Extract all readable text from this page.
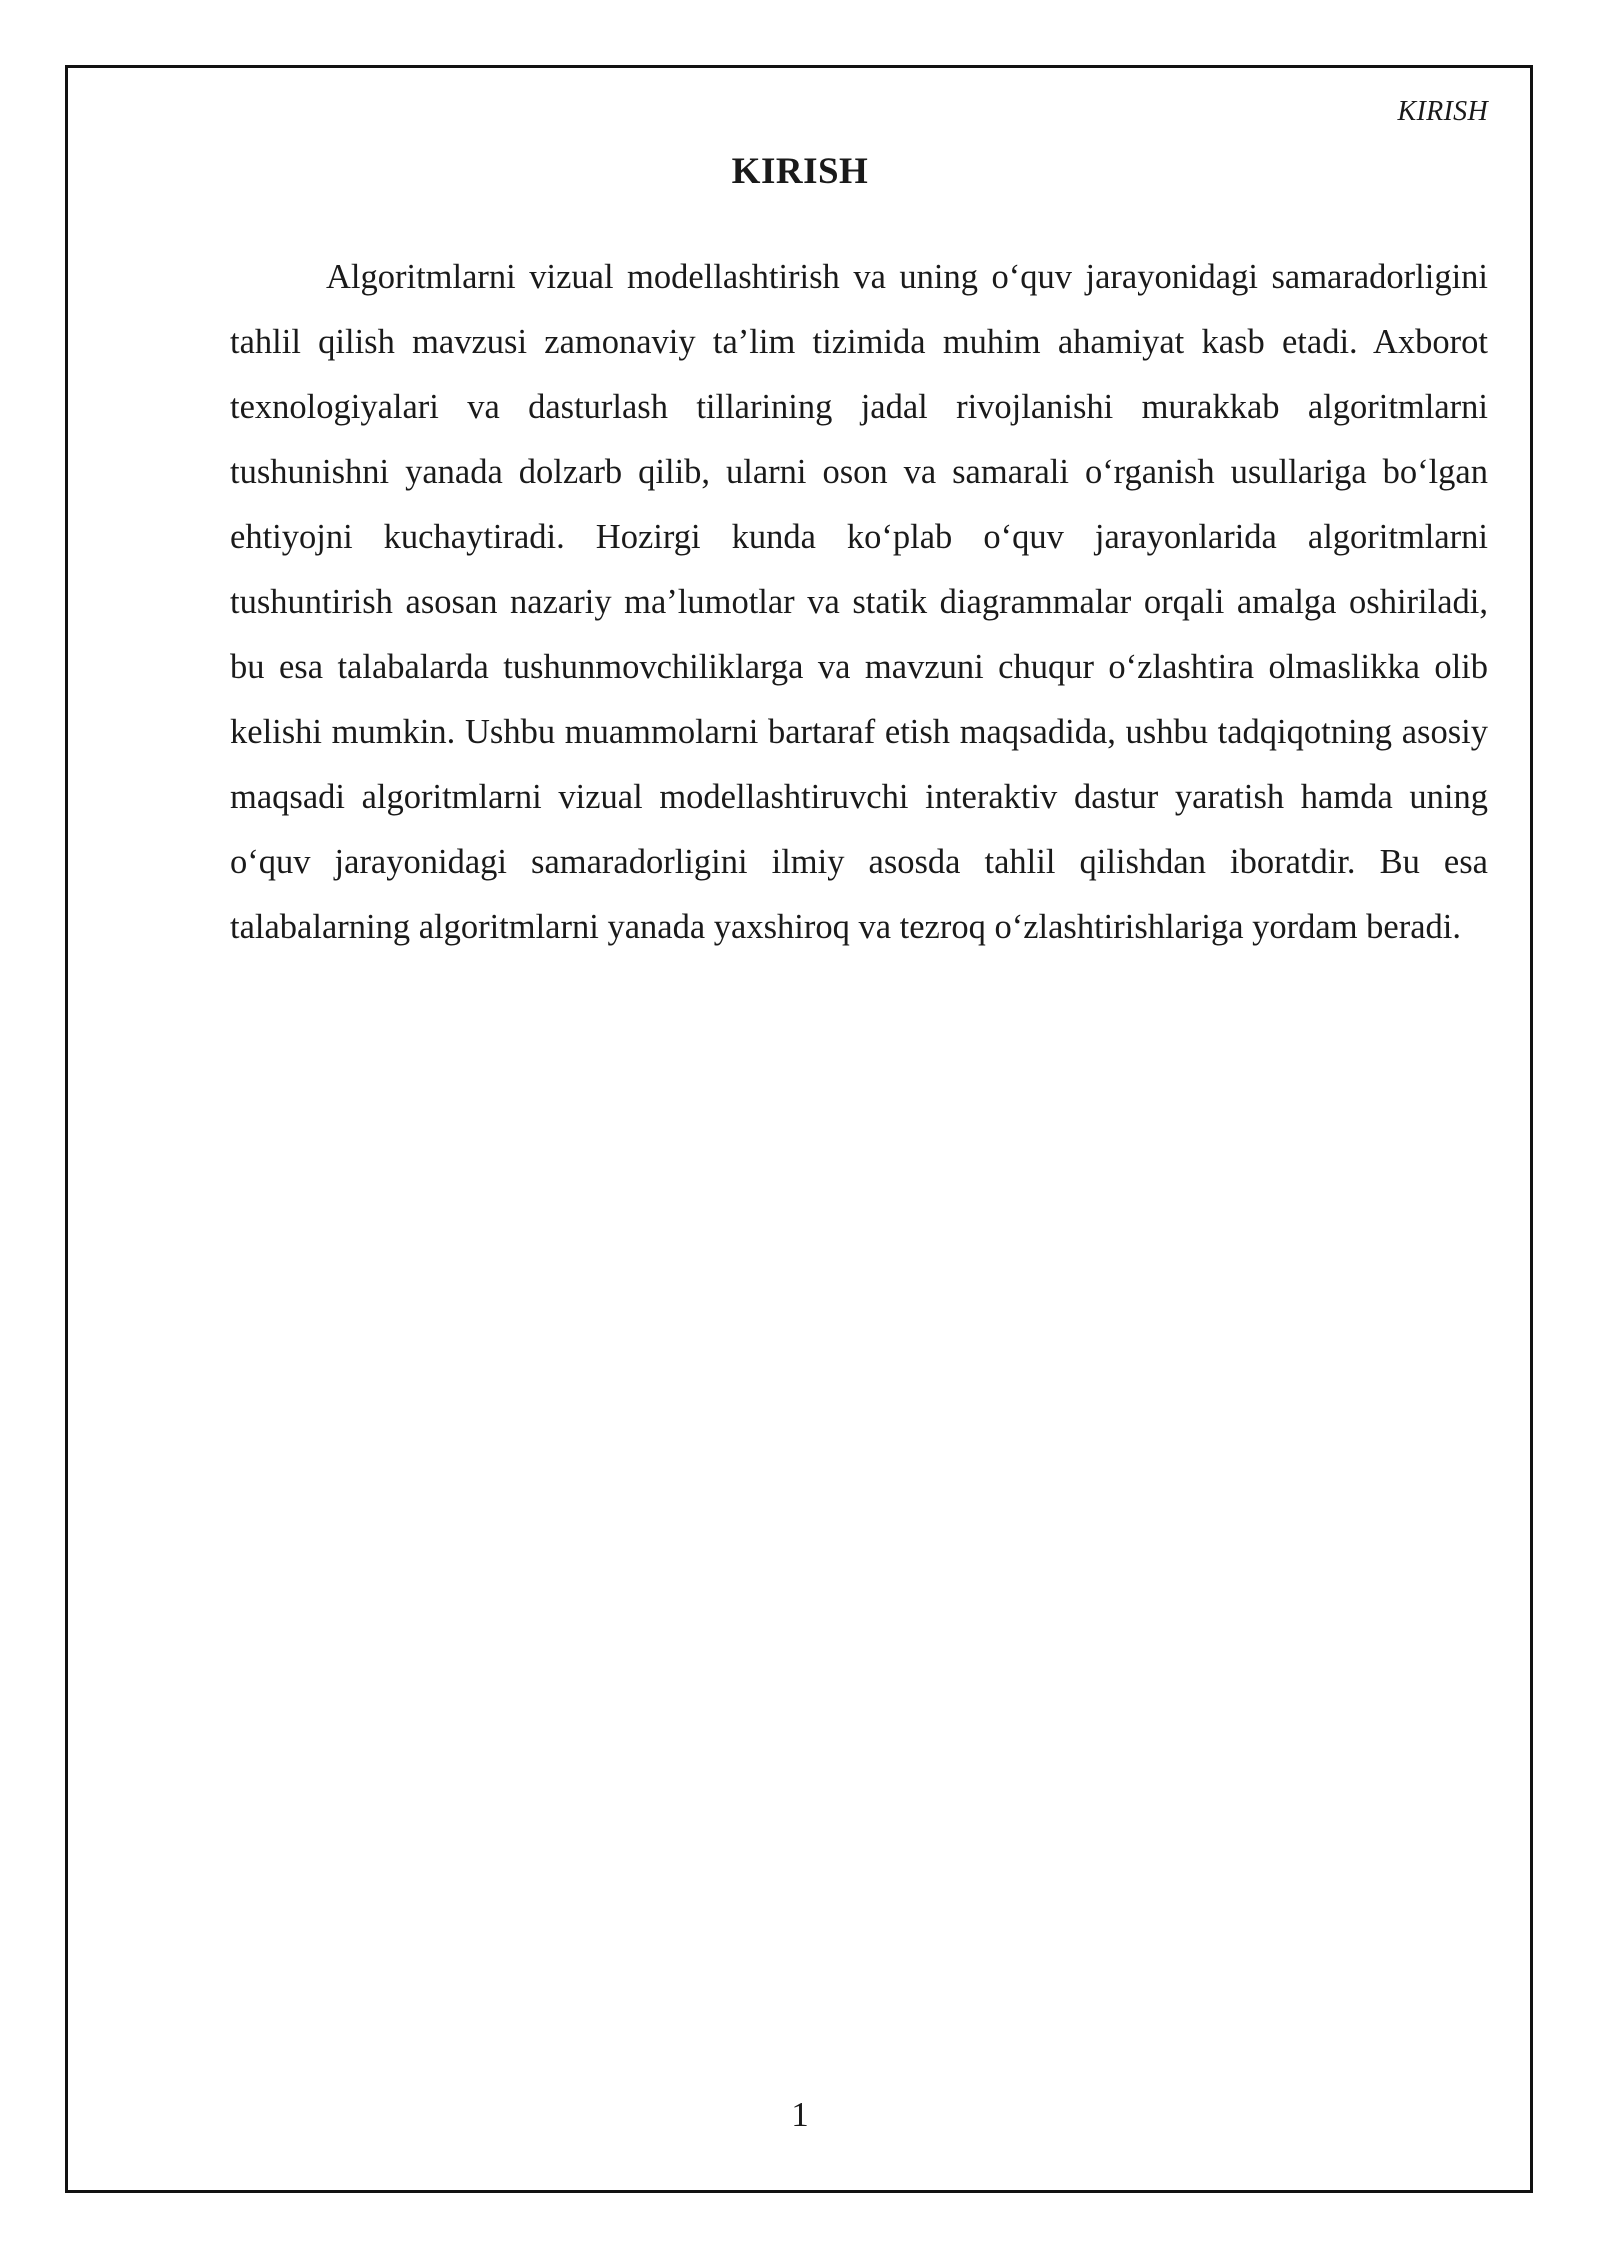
KIRISH
KIRISH

Algoritmlarni vizual modellashtirish va uning o‘quv jarayonidagi samaradorligini tahlil qilish mavzusi zamonaviy ta’lim tizimida muhim ahamiyat kasb etadi. Axborot texnologiyalari va dasturlash tillarining jadal rivojlanishi murakkab algoritmlarni tushunishni yanada dolzarb qilib, ularni oson va samarali o‘rganish usullariga bo‘lgan ehtiyojni kuchaytiradi. Hozirgi kunda ko‘plab o‘quv jarayonlarida algoritmlarni tushuntirish asosan nazariy ma’lumotlar va statik diagrammalar orqali amalga oshiriladi, bu esa talabalarda tushunmovchiliklarga va mavzuni chuqur o‘zlashtira olmaslikka olib kelishi mumkin. Ushbu muammolarni bartaraf etish maqsadida, ushbu tadqiqotning asosiy maqsadi algoritmlarni vizual modellashtiruvchi interaktiv dastur yaratish hamda uning o‘quv jarayonidagi samaradorligini ilmiy asosda tahlil qilishdan iboratdir. Bu esa talabalarning algoritmlarni yanada yaxshiroq va tezroq o‘zlashtirishlariga yordam beradi.

1
